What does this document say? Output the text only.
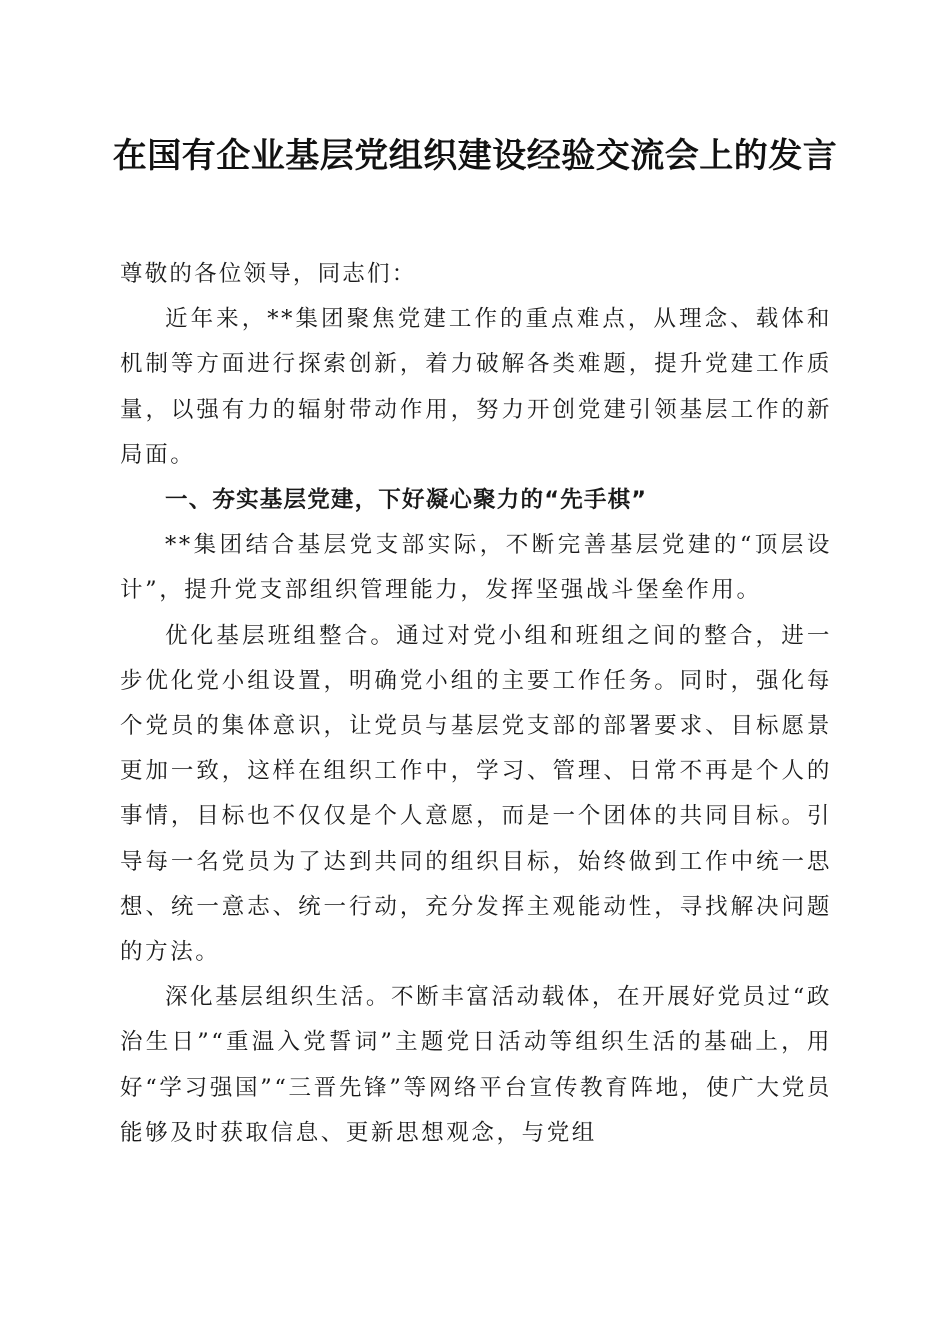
在国有企业基层党组织建设经验交流会上的发言

尊敬的各位领导，同志们：

近年来，**集团聚焦党建工作的重点难点，从理念、载体和机制等方面进行探索创新，着力破解各类难题，提升党建工作质量，以强有力的辐射带动作用，努力开创党建引领基层工作的新局面。

一、夯实基层党建，下好凝心聚力的“先手棋”

**集团结合基层党支部实际，不断完善基层党建的“顶层设计”，提升党支部组织管理能力，发挥坚强战斗堡垒作用。

优化基层班组整合。通过对党小组和班组之间的整合，进一步优化党小组设置，明确党小组的主要工作任务。同时，强化每个党员的集体意识，让党员与基层党支部的部署要求、目标愿景更加一致，这样在组织工作中，学习、管理、日常不再是个人的事情，目标也不仅仅是个人意愿，而是一个团体的共同目标。引导每一名党员为了达到共同的组织目标，始终做到工作中统一思想、统一意志、统一行动，充分发挥主观能动性，寻找解决问题的方法。

深化基层组织生活。不断丰富活动载体，在开展好党员过“政治生日”“重温入党誓词”主题党日活动等组织生活的基础上，用好“学习强国”“三晋先锋”等网络平台宣传教育阵地，使广大党员能够及时获取信息、更新思想观念，与党组
